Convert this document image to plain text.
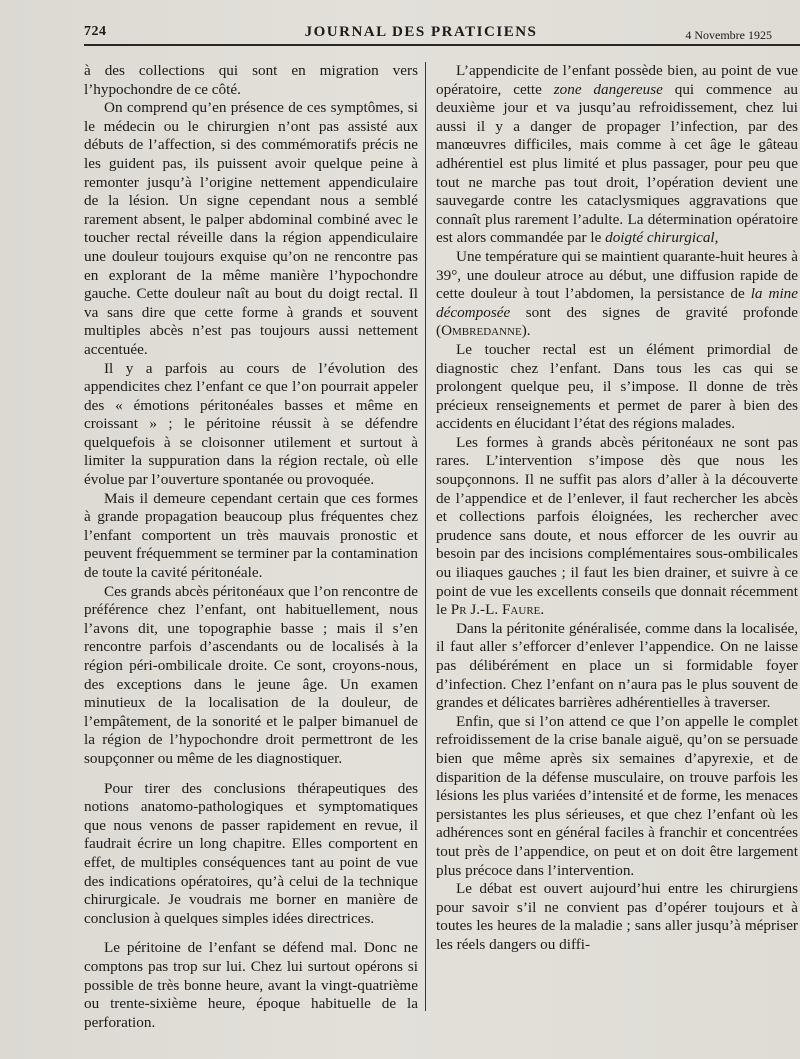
724	JOURNAL DES PRATICIENS	4 Novembre 1925

à des collections qui sont en migration vers l’hypochondre de ce côté.

On comprend qu’en présence de ces symptômes, si le médecin ou le chirurgien n’ont pas assisté aux débuts de l’affection, si des commémoratifs précis ne les guident pas, ils puissent avoir quelque peine à remonter jusqu’à l’origine nettement appendiculaire de la lésion. Un signe cependant nous a semblé rarement absent, le palper abdominal combiné avec le toucher rectal réveille dans la région appendiculaire une douleur toujours exquise qu’on ne rencontre pas en explorant de la même manière l’hypochondre gauche. Cette douleur naît au bout du doigt rectal. Il va sans dire que cette forme à grands et souvent multiples abcès n’est pas toujours aussi nettement accentuée.

Il y a parfois au cours de l’évolution des appendicites chez l’enfant ce que l’on pourrait appeler des « émotions péritonéales basses et même en croissant » ; le péritoine réussit à se défendre quelquefois à se cloisonner utilement et surtout à limiter la suppuration dans la région rectale, où elle évolue par l’ouverture spontanée ou provoquée.

Mais il demeure cependant certain que ces formes à grande propagation beaucoup plus fréquentes chez l’enfant comportent un très mauvais pronostic et peuvent fréquemment se terminer par la contamination de toute la cavité péritonéale.

Ces grands abcès péritonéaux que l’on rencontre de préférence chez l’enfant, ont habituellement, nous l’avons dit, une topographie basse ; mais il s’en rencontre parfois d’ascendants ou de localisés à la région péri-ombilicale droite. Ce sont, croyons-nous, des exceptions dans le jeune âge. Un examen minutieux de la localisation de la douleur, de l’empâtement, de la sonorité et le palper bimanuel de la région de l’hypochondre droit permettront de les soupçonner ou même de les diagnostiquer.

Pour tirer des conclusions thérapeutiques des notions anatomo-pathologiques et symptomatiques que nous venons de passer rapidement en revue, il faudrait écrire un long chapitre. Elles comportent en effet, de multiples conséquences tant au point de vue des indications opératoires, qu’à celui de la technique chirurgicale. Je voudrais me borner en manière de conclusion à quelques simples idées directrices.

Le péritoine de l’enfant se défend mal. Donc ne comptons pas trop sur lui. Chez lui surtout opérons si possible de très bonne heure, avant la vingt-quatrième ou trente-sixième heure, époque habituelle de la perforation.

L’appendicite de l’enfant possède bien, au point de vue opératoire, cette zone dangereuse qui commence au deuxième jour et va jusqu’au refroidissement, chez lui aussi il y a danger de propager l’infection, par des manœuvres difficiles, mais comme à cet âge le gâteau adhérentiel est plus limité et plus passager, pour peu que tout ne marche pas tout droit, l’opération devient une sauvegarde contre les cataclysmiques aggravations que connaît plus rarement l’adulte. La détermination opératoire est alors commandée par le doigté chirurgical,

Une température qui se maintient quarante-huit heures à 39°, une douleur atroce au début, une diffusion rapide de cette douleur à tout l’abdomen, la persistance de la mine décomposée sont des signes de gravité profonde (Ombredanne).

Le toucher rectal est un élément primordial de diagnostic chez l’enfant. Dans tous les cas qui se prolongent quelque peu, il s’impose. Il donne de très précieux renseignements et permet de parer à bien des accidents en élucidant l’état des régions malades.

Les formes à grands abcès péritonéaux ne sont pas rares. L’intervention s’impose dès que nous les soupçonnons. Il ne suffit pas alors d’aller à la découverte de l’appendice et de l’enlever, il faut rechercher les abcès et collections parfois éloignées, les rechercher avec prudence sans doute, et nous efforcer de les ouvrir au besoin par des incisions complémentaires sous-ombilicales ou iliaques gauches ; il faut les bien drainer, et suivre à ce point de vue les excellents conseils que donnait récemment le Pr J.-L. Faure.

Dans la péritonite généralisée, comme dans la localisée, il faut aller s’efforcer d’enlever l’appendice. On ne laisse pas délibérément en place un si formidable foyer d’infection. Chez l’enfant on n’aura pas le plus souvent de grandes et délicates barrières adhérentielles à traverser.

Enfin, que si l’on attend ce que l’on appelle le complet refroidissement de la crise banale aiguë, qu’on se persuade bien que même après six semaines d’apyrexie, et de disparition de la défense musculaire, on trouve parfois les lésions les plus variées d’intensité et de forme, les menaces persistantes les plus sérieuses, et que chez l’enfant où les adhérences sont en général faciles à franchir et concentrées tout près de l’appendice, on peut et on doit être largement plus précoce dans l’intervention.

Le débat est ouvert aujourd’hui entre les chirurgiens pour savoir s’il ne convient pas d’opérer toujours et à toutes les heures de la maladie ; sans aller jusqu’à mépriser les réels dangers ou diffi-
